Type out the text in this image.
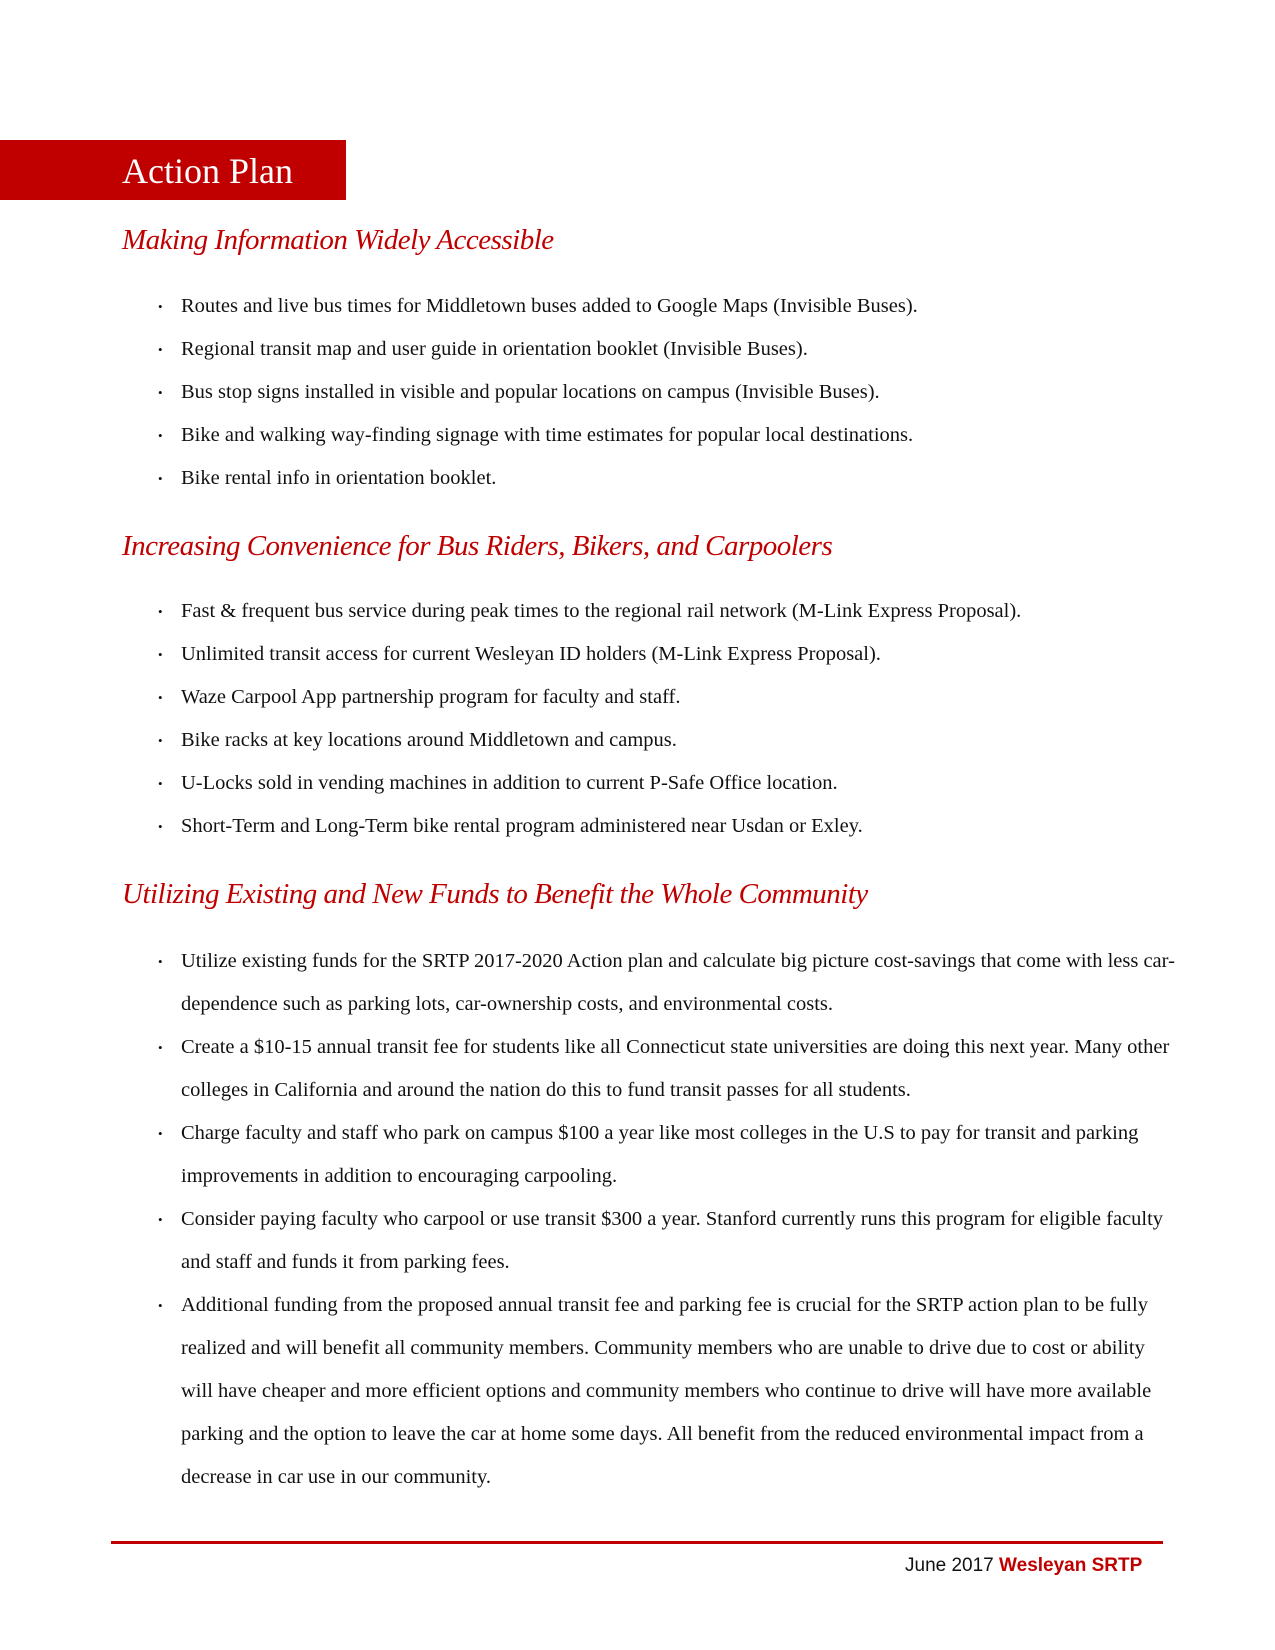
Action Plan
Making Information Widely Accessible
• Routes and live bus times for Middletown buses added to Google Maps (Invisible Buses).
• Regional transit map and user guide in orientation booklet (Invisible Buses).
• Bus stop signs installed in visible and popular locations on campus (Invisible Buses).
• Bike and walking way-finding signage with time estimates for popular local destinations.
• Bike rental info in orientation booklet.
Increasing Convenience for Bus Riders, Bikers, and Carpoolers
• Fast & frequent bus service during peak times to the regional rail network (M-Link Express Proposal).
• Unlimited transit access for current Wesleyan ID holders (M-Link Express Proposal).
• Waze Carpool App partnership program for faculty and staff.
• Bike racks at key locations around Middletown and campus.
• U-Locks sold in vending machines in addition to current P-Safe Office location.
• Short-Term and Long-Term bike rental program administered near Usdan or Exley.
Utilizing Existing and New Funds to Benefit the Whole Community
• Utilize existing funds for the SRTP 2017-2020 Action plan and calculate big picture cost-savings that come with less car-dependence such as parking lots, car-ownership costs, and environmental costs.
• Create a $10-15 annual transit fee for students like all Connecticut state universities are doing this next year. Many other colleges in California and around the nation do this to fund transit passes for all students.
• Charge faculty and staff who park on campus $100 a year like most colleges in the U.S to pay for transit and parking improvements in addition to encouraging carpooling.
• Consider paying faculty who carpool or use transit $300 a year. Stanford currently runs this program for eligible faculty and staff and funds it from parking fees.
• Additional funding from the proposed annual transit fee and parking fee is crucial for the SRTP action plan to be fully realized and will benefit all community members. Community members who are unable to drive due to cost or ability will have cheaper and more efficient options and community members who continue to drive will have more available parking and the option to leave the car at home some days. All benefit from the reduced environmental impact from a decrease in car use in our community.
June 2017 Wesleyan SRTP
